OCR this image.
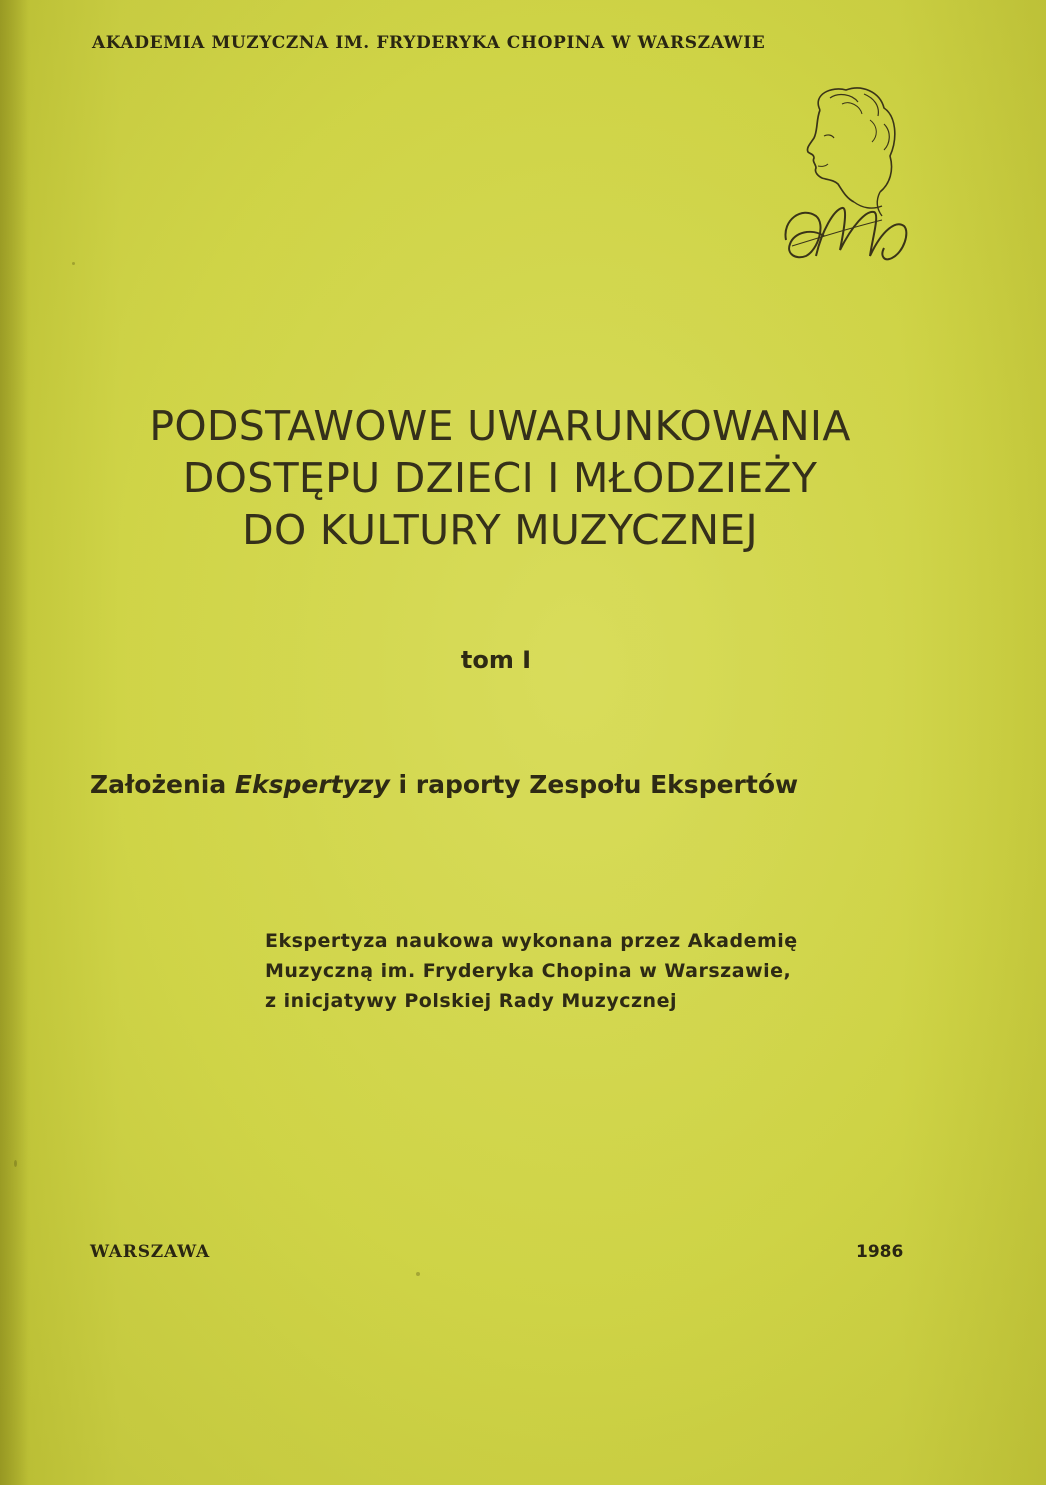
AKADEMIA MUZYCZNA IM. FRYDERYKA CHOPINA W WARSZAWIE
PODSTAWOWE UWARUNKOWANIA
DOSTĘPU DZIECI I MŁODZIEŻY
DO KULTURY MUZYCZNEJ
tom I
Założenia Ekspertyzy i raporty Zespołu Ekspertów
Ekspertyza naukowa wykonana przez Akademię
Muzyczną im. Fryderyka Chopina w Warszawie,
z inicjatywy Polskiej Rady Muzycznej
WARSZAWA	1986
